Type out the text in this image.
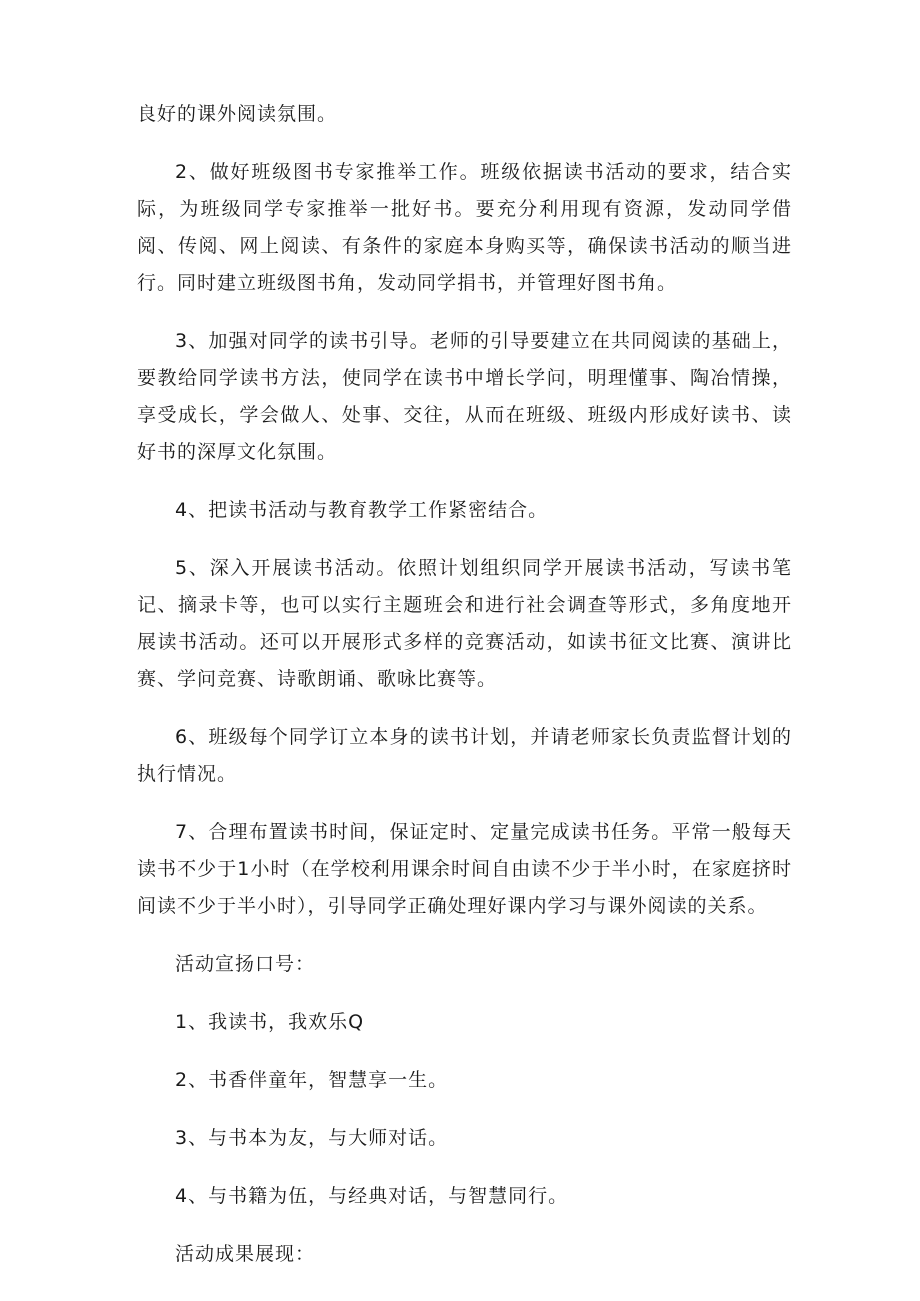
良好的课外阅读氛围。

2、做好班级图书专家推举工作。班级依据读书活动的要求，结合实际，为班级同学专家推举一批好书。要充分利用现有资源，发动同学借阅、传阅、网上阅读、有条件的家庭本身购买等，确保读书活动的顺当进行。同时建立班级图书角，发动同学捐书，并管理好图书角。

3、加强对同学的读书引导。老师的引导要建立在共同阅读的基础上，要教给同学读书方法，使同学在读书中增长学问，明理懂事、陶冶情操，享受成长，学会做人、处事、交往，从而在班级、班级内形成好读书、读好书的深厚文化氛围。

4、把读书活动与教育教学工作紧密结合。

5、深入开展读书活动。依照计划组织同学开展读书活动，写读书笔记、摘录卡等，也可以实行主题班会和进行社会调查等形式，多角度地开展读书活动。还可以开展形式多样的竞赛活动，如读书征文比赛、演讲比赛、学问竞赛、诗歌朗诵、歌咏比赛等。

6、班级每个同学订立本身的读书计划，并请老师家长负责监督计划的执行情况。

7、合理布置读书时间，保证定时、定量完成读书任务。平常一般每天读书不少于1小时（在学校利用课余时间自由读不少于半小时，在家庭挤时间读不少于半小时），引导同学正确处理好课内学习与课外阅读的关系。

活动宣扬口号：

1、我读书，我欢乐Q

2、书香伴童年，智慧享一生。

3、与书本为友，与大师对话。

4、与书籍为伍，与经典对话，与智慧同行。

活动成果展现：
